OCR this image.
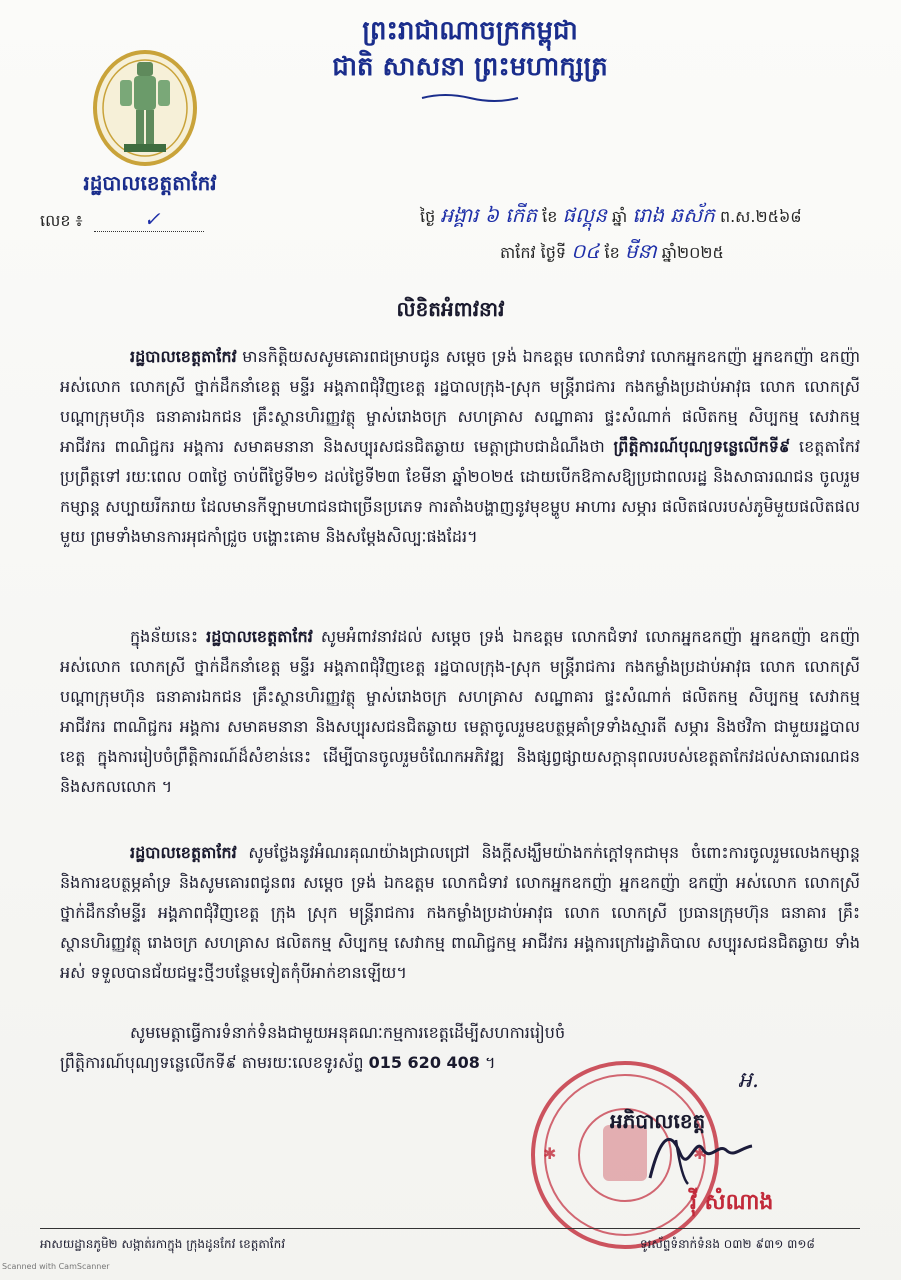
ព្រះរាជាណាចក្រកម្ពុជា
ជាតិ សាសនា ព្រះមហាក្សត្រ
រដ្ឋបាលខេត្តតាកែវ
លេខ ៖	✓	ថ្ងៃ អង្គារ ៦ កើត ខែ ផល្គុន ឆ្នាំ រោង ឆស័ក ព.ស.២៥៦៨
តាកែវ ថ្ងៃទី ០៤ ខែ មីនា ឆ្នាំ២០២៥
លិខិតអំពាវនាវ
រដ្ឋបាលខេត្តតាកែវ មានកិត្តិយសសូមគោរពជម្រាបជូន សម្ដេច ទ្រង់ ឯកឧត្តម លោកជំទាវ លោកអ្នកឧកញ៉ា អ្នកឧកញ៉ា ឧកញ៉ា អស់លោក លោកស្រី ថ្នាក់ដឹកនាំខេត្ត មន្ទីរ អង្គភាពជុំវិញខេត្ត រដ្ឋបាលក្រុង-ស្រុក មន្ត្រីរាជការ កងកម្លាំងប្រដាប់អាវុធ លោក លោកស្រី បណ្ដាក្រុមហ៊ុន ធនាគារឯកជន គ្រឹះស្ថានហិរញ្ញវត្ថុ ម្ចាស់រោងចក្រ សហគ្រាស សណ្ឋាគារ ផ្ទះសំណាក់ ផលិតកម្ម សិប្បកម្ម សេវាកម្ម អាជីវករ ពាណិជ្ជករ អង្គការ សមាគមនានា និងសប្បុរសជនជិតឆ្ងាយ មេត្តាជ្រាបជាដំណឹងថា ព្រឹត្តិការណ៍បុណ្យទន្លេលើកទី៩ ខេត្តតាកែវប្រព្រឹត្តទៅ រយៈពេល ០៣ថ្ងៃ ចាប់ពីថ្ងៃទី២១ ដល់ថ្ងៃទី២៣ ខែមីនា ឆ្នាំ២០២៥ ដោយបើកឱកាសឱ្យប្រជាពលរដ្ឋ និងសាធារណជន ចូលរួមកម្សាន្ត សប្បាយរីករាយ ដែលមានកីឡាមហាជនជាច្រើនប្រភេទ ការតាំងបង្ហាញនូវមុខម្ហូប អាហារ សម្ភារ ផលិតផលរបស់ភូមិមួយផលិតផលមួយ ព្រមទាំងមានការអុជកាំជ្រួច បង្ហោះគោម និងសម្ដែងសិល្បៈផងដែរ។
ក្នុងន័យនេះ រដ្ឋបាលខេត្តតាកែវ សូមអំពាវនាវដល់ សម្ដេច ទ្រង់ ឯកឧត្តម លោកជំទាវ លោកអ្នកឧកញ៉ា អ្នកឧកញ៉ា ឧកញ៉ា អស់លោក លោកស្រី ថ្នាក់ដឹកនាំខេត្ត មន្ទីរ អង្គភាពជុំវិញខេត្ត រដ្ឋបាលក្រុង-ស្រុក មន្ត្រីរាជការ កងកម្លាំងប្រដាប់អាវុធ លោក លោកស្រី បណ្ដាក្រុមហ៊ុន ធនាគារឯកជន គ្រឹះស្ថានហិរញ្ញវត្ថុ ម្ចាស់រោងចក្រ សហគ្រាស សណ្ឋាគារ ផ្ទះសំណាក់ ផលិតកម្ម សិប្បកម្ម សេវាកម្ម អាជីវករ ពាណិជ្ជករ អង្គការ សមាគមនានា និងសប្បុរសជនជិតឆ្ងាយ មេត្តាចូលរួមឧបត្ថម្ភគាំទ្រទាំងស្មារតី សម្ភារ និងថវិកា ជាមួយរដ្ឋបាលខេត្ត ក្នុងការរៀបចំព្រឹត្តិការណ៍ដ៏សំខាន់នេះ ដើម្បីបានចូលរួមចំណែកអភិវឌ្ឍ និងផ្សព្វផ្សាយសក្ដានុពលរបស់ខេត្តតាកែវដល់សាធារណជននិងសកលលោក ។
រដ្ឋបាលខេត្តតាកែវ សូមថ្លែងនូវអំណរគុណយ៉ាងជ្រាលជ្រៅ និងក្ដីសង្ឃឹមយ៉ាងកក់ក្ដៅទុកជាមុន ចំពោះការចូលរួមលេងកម្សាន្ត និងការឧបត្ថម្ភគាំទ្រ និងសូមគោរពជូនពរ សម្ដេច ទ្រង់ ឯកឧត្តម លោកជំទាវ លោកអ្នកឧកញ៉ា អ្នកឧកញ៉ា ឧកញ៉ា អស់លោក លោកស្រី ថ្នាក់ដឹកនាំមន្ទីរ អង្គភាពជុំវិញខេត្ត ក្រុង ស្រុក មន្ត្រីរាជការ កងកម្លាំងប្រដាប់អាវុធ លោក លោកស្រី ប្រធានក្រុមហ៊ុន ធនាគារ គ្រឹះស្ថានហិរញ្ញវត្ថុ រោងចក្រ សហគ្រាស ផលិតកម្ម សិប្បកម្ម សេវាកម្ម ពាណិជ្ជកម្ម អាជីវករ អង្គការក្រៅរដ្ឋាភិបាល សប្បុរសជនជិតឆ្ងាយ ទាំងអស់ ទទួលបានជ័យជម្នះថ្មីៗបន្ថែមទៀតកុំបីអាក់ខានឡើយ។
សូមមេត្តាធ្វើការទំនាក់ទំនងជាមួយអនុគណៈកម្មការខេត្តដើម្បីសហការរៀបចំព្រឹត្តិការណ៍បុណ្យទន្លេលើកទី៩ តាមរយៈលេខទូរស័ព្ទ 015 620 408 ។
✱	✱
អ.
អភិបាលខេត្ត
វ៉ី សំណាង
អាសយដ្ឋានភូមិ២ សង្កាត់រកាក្នុង ក្រុងដូនកែវ ខេត្តតាកែវ	ទូរស័ព្ទទំនាក់ទំនង ០៣២ ៩៣១ ៣១៨
Scanned with CamScanner
